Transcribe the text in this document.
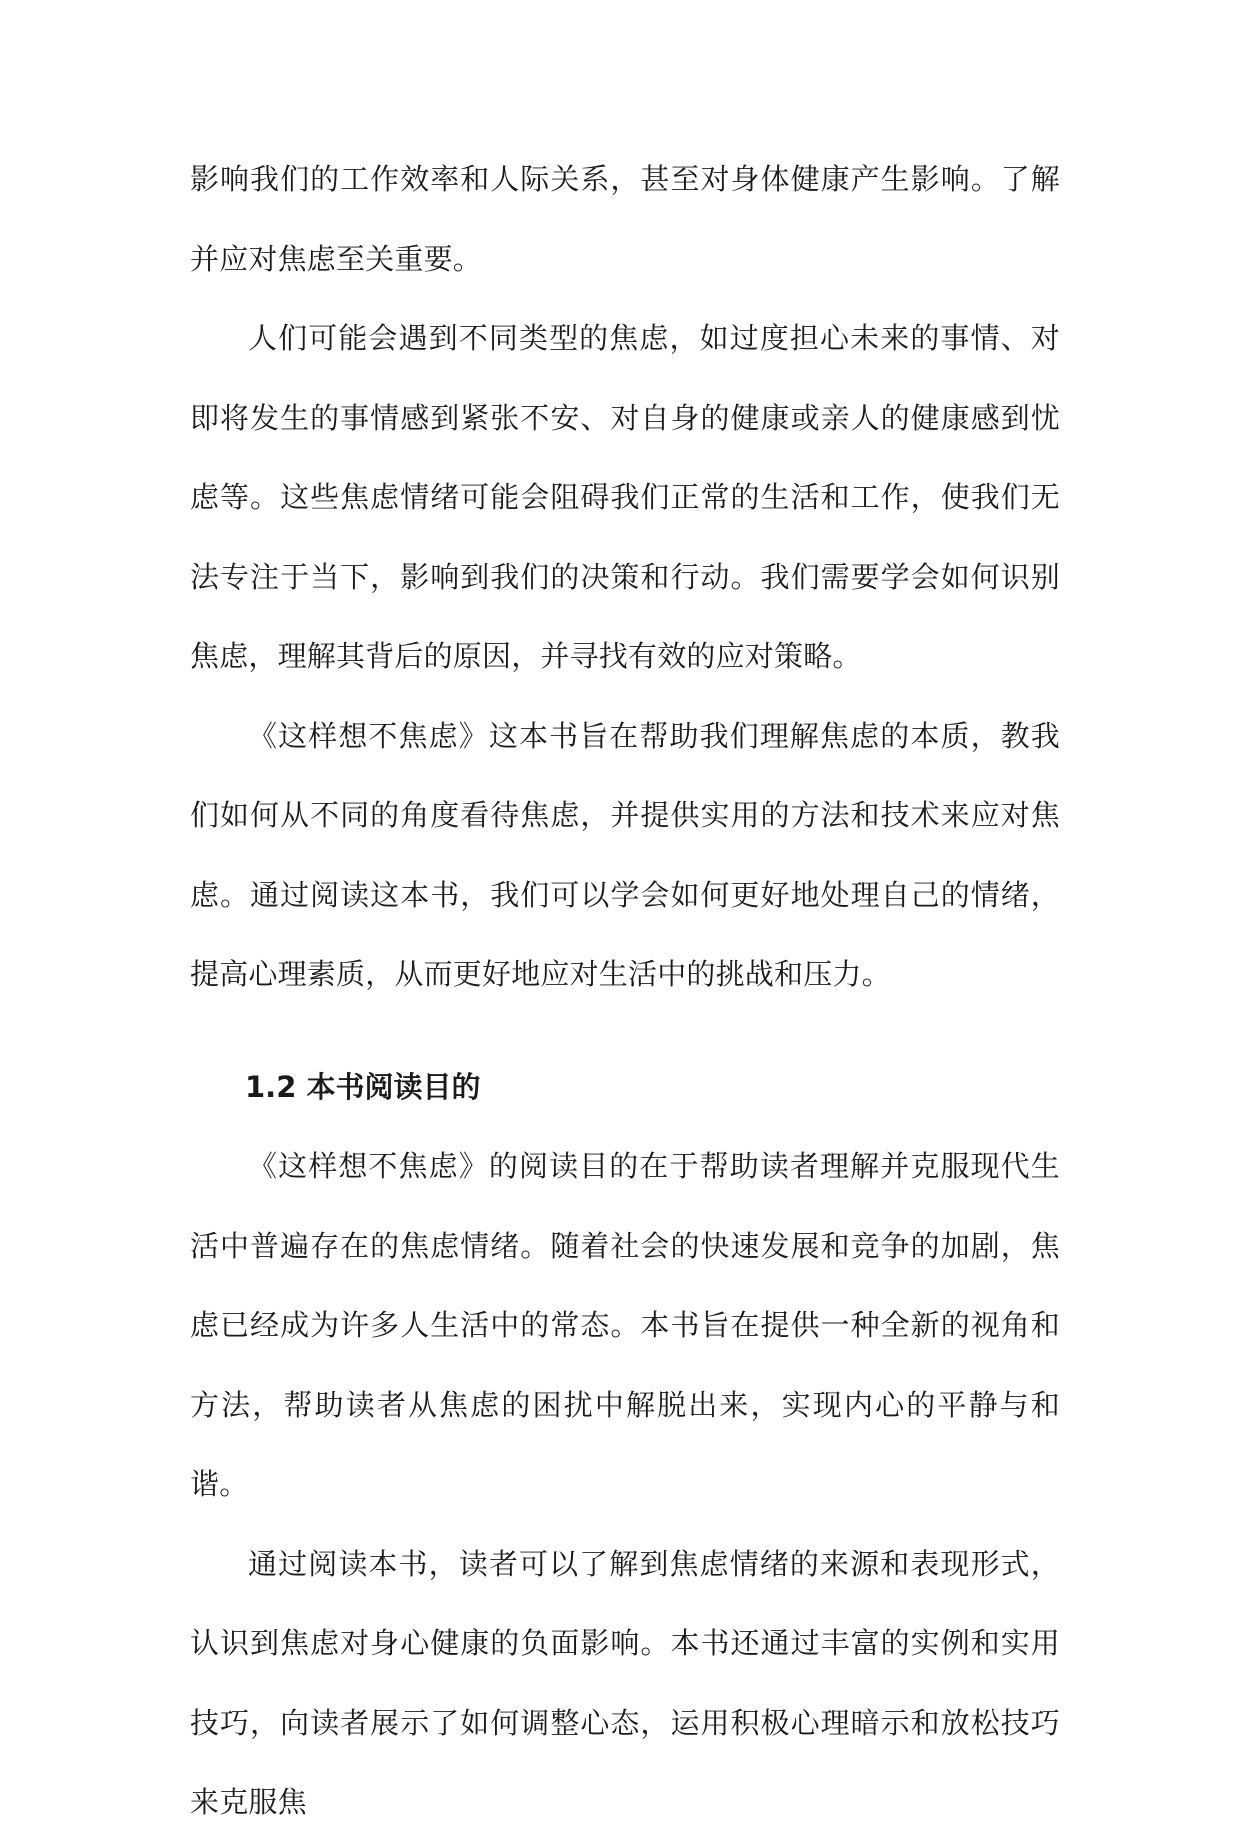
影响我们的工作效率和人际关系，甚至对身体健康产生影响。了解并应对焦虑至关重要。

人们可能会遇到不同类型的焦虑，如过度担心未来的事情、对即将发生的事情感到紧张不安、对自身的健康或亲人的健康感到忧虑等。这些焦虑情绪可能会阻碍我们正常的生活和工作，使我们无法专注于当下，影响到我们的决策和行动。我们需要学会如何识别焦虑，理解其背后的原因，并寻找有效的应对策略。

《这样想不焦虑》这本书旨在帮助我们理解焦虑的本质，教我们如何从不同的角度看待焦虑，并提供实用的方法和技术来应对焦虑。通过阅读这本书，我们可以学会如何更好地处理自己的情绪，提高心理素质，从而更好地应对生活中的挑战和压力。

1.2 本书阅读目的

《这样想不焦虑》的阅读目的在于帮助读者理解并克服现代生活中普遍存在的焦虑情绪。随着社会的快速发展和竞争的加剧，焦虑已经成为许多人生活中的常态。本书旨在提供一种全新的视角和方法，帮助读者从焦虑的困扰中解脱出来，实现内心的平静与和谐。

通过阅读本书，读者可以了解到焦虑情绪的来源和表现形式，认识到焦虑对身心健康的负面影响。本书还通过丰富的实例和实用技巧，向读者展示了如何调整心态，运用积极心理暗示和放松技巧来克服焦
